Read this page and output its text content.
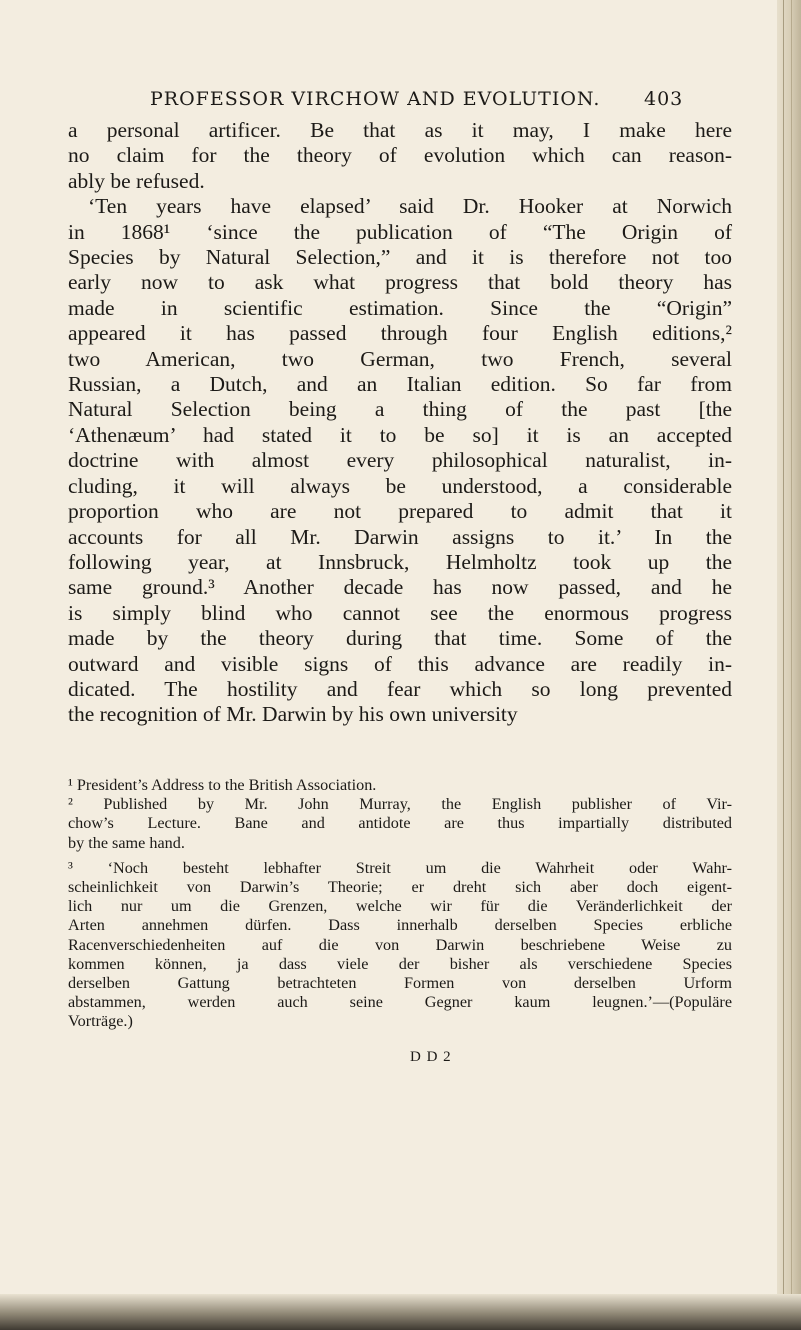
PROFESSOR VIRCHOW AND EVOLUTION. 403
a personal artificer. Be that as it may, I make here
no claim for the theory of evolution which can reason-
ably be refused.
‘Ten years have elapsed’ said Dr. Hooker at Norwich
in 1868¹ ‘since the publication of “The Origin of
Species by Natural Selection,” and it is therefore not too
early now to ask what progress that bold theory has
made in scientific estimation. Since the “Origin”
appeared it has passed through four English editions,²
two American, two German, two French, several
Russian, a Dutch, and an Italian edition. So far from
Natural Selection being a thing of the past [the
‘Athenæum’ had stated it to be so] it is an accepted
doctrine with almost every philosophical naturalist, in-
cluding, it will always be understood, a considerable
proportion who are not prepared to admit that it
accounts for all Mr. Darwin assigns to it.’ In the
following year, at Innsbruck, Helmholtz took up the
same ground.³ Another decade has now passed, and he
is simply blind who cannot see the enormous progress
made by the theory during that time. Some of the
outward and visible signs of this advance are readily in-
dicated. The hostility and fear which so long prevented
the recognition of Mr. Darwin by his own university
¹ President’s Address to the British Association.
² Published by Mr. John Murray, the English publisher of Vir-
chow’s Lecture. Bane and antidote are thus impartially distributed
by the same hand.
³ ‘Noch besteht lebhafter Streit um die Wahrheit oder Wahr-
scheinlichkeit von Darwin’s Theorie; er dreht sich aber doch eigent-
lich nur um die Grenzen, welche wir für die Veränderlichkeit der
Arten annehmen dürfen. Dass innerhalb derselben Species erbliche
Racenverschiedenheiten auf die von Darwin beschriebene Weise zu
kommen können, ja dass viele der bisher als verschiedene Species
derselben Gattung betrachteten Formen von derselben Urform
abstammen, werden auch seine Gegner kaum leugnen.’—(Populäre
Vorträge.)
D D 2
